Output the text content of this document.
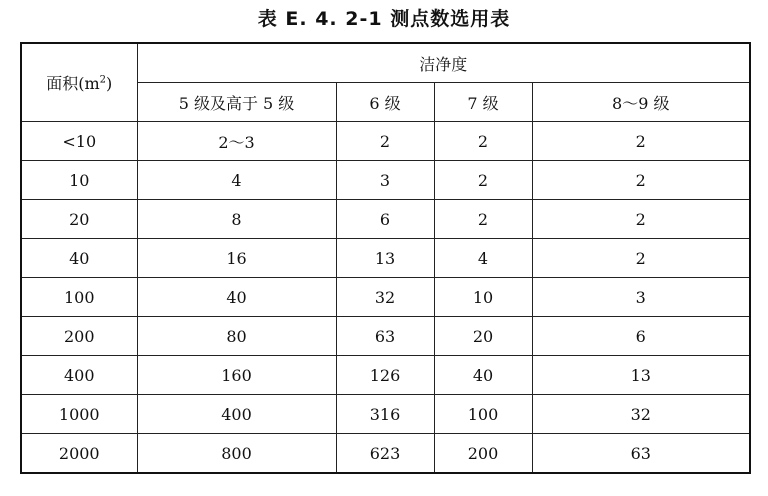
表 E. 4. 2-1 测点数选用表
面积$(m^2)$	洁净度			
	5 级及高于 5 级	6 级	7 级	8～9 级
<10	2～3	2	2	2
10	4	3	2	2
20	8	6	2	2
40	16	13	4	2
100	40	32	10	3
200	80	63	20	6
400	160	126	40	13
1000	400	316	100	32
2000	800	623	200	63
